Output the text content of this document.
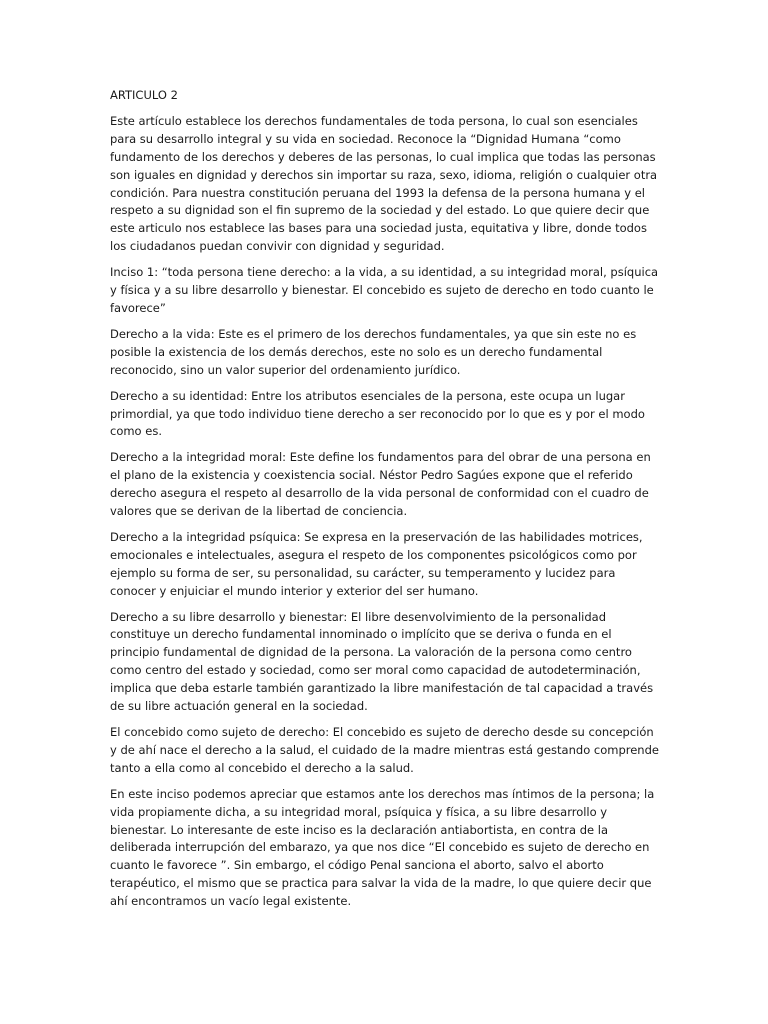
ARTICULO 2

Este artículo establece los derechos fundamentales de toda persona, lo cual son esenciales para su desarrollo integral y su vida en sociedad. Reconoce la “Dignidad Humana “como fundamento de los derechos y deberes de las personas, lo cual implica que todas las personas son iguales en dignidad y derechos sin importar su raza, sexo, idioma, religión o cualquier otra condición. Para nuestra constitución peruana del 1993 la defensa de la persona humana y el respeto a su dignidad son el fin supremo de la sociedad y del estado. Lo que quiere decir que este articulo nos establece las bases para una sociedad justa, equitativa y libre, donde todos los ciudadanos puedan convivir con dignidad y seguridad.

Inciso 1: “toda persona tiene derecho: a la vida, a su identidad, a su integridad moral, psíquica y física y a su libre desarrollo y bienestar. El concebido es sujeto de derecho en todo cuanto le favorece”

Derecho a la vida: Este es el primero de los derechos fundamentales, ya que sin este no es posible la existencia de los demás derechos, este no solo es un derecho fundamental reconocido, sino un valor superior del ordenamiento jurídico.

Derecho a su identidad: Entre los atributos esenciales de la persona, este ocupa un lugar primordial, ya que todo individuo tiene derecho a ser reconocido por lo que es y por el modo como es.

Derecho a la integridad moral: Este define los fundamentos para del obrar de una persona en el plano de la existencia y coexistencia social. Néstor Pedro Sagúes expone que el referido derecho asegura el respeto al desarrollo de la vida personal de conformidad con el cuadro de valores que se derivan de la libertad de conciencia.

Derecho a la integridad psíquica: Se expresa en la preservación de las habilidades motrices, emocionales e intelectuales, asegura el respeto de los componentes psicológicos como por ejemplo su forma de ser, su personalidad, su carácter, su temperamento y lucidez para conocer y enjuiciar el mundo interior y exterior del ser humano.

Derecho a su libre desarrollo y bienestar: El libre desenvolvimiento de la personalidad constituye un derecho fundamental innominado o implícito que se deriva o funda en el principio fundamental de dignidad de la persona. La valoración de la persona como centro como centro del estado y sociedad, como ser moral como capacidad de autodeterminación, implica que deba estarle también garantizado la libre manifestación de tal capacidad a través de su libre actuación general en la sociedad.

El concebido como sujeto de derecho: El concebido es sujeto de derecho desde su concepción y de ahí nace el derecho a la salud, el cuidado de la madre mientras está gestando comprende tanto a ella como al concebido el derecho a la salud.

En este inciso podemos apreciar que estamos ante los derechos mas íntimos de la persona; la vida propiamente dicha, a su integridad moral, psíquica y física, a su libre desarrollo y bienestar. Lo interesante de este inciso es la declaración antiabortista, en contra de la deliberada interrupción del embarazo, ya que nos dice “El concebido es sujeto de derecho en cuanto le favorece ”. Sin embargo, el código Penal sanciona el aborto, salvo el aborto terapéutico, el mismo que se practica para salvar la vida de la madre, lo que quiere decir que ahí encontramos un vacío legal existente.
